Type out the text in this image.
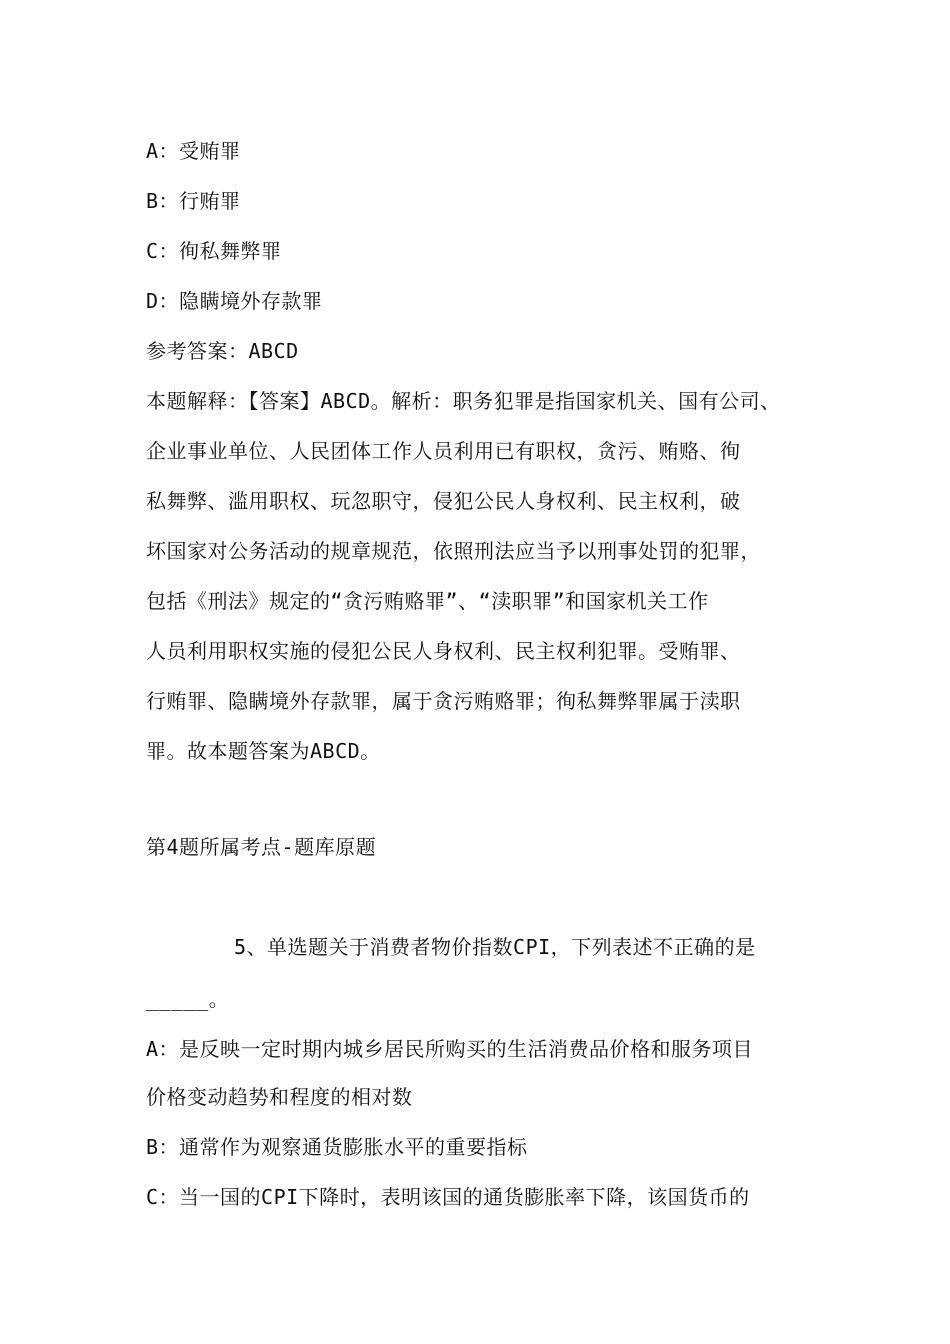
A：受贿罪
B：行贿罪
C：徇私舞弊罪
D：隐瞒境外存款罪
参考答案：ABCD
本题解释：【答案】ABCD。解析：职务犯罪是指国家机关、国有公司、
企业事业单位、人民团体工作人员利用已有职权，贪污、贿赂、徇
私舞弊、滥用职权、玩忽职守，侵犯公民人身权利、民主权利，破
坏国家对公务活动的规章规范，依照刑法应当予以刑事处罚的犯罪，
包括《刑法》规定的“贪污贿赂罪”、“渎职罪”和国家机关工作
人员利用职权实施的侵犯公民人身权利、民主权利犯罪。受贿罪、
行贿罪、隐瞒境外存款罪，属于贪污贿赂罪；徇私舞弊罪属于渎职
罪。故本题答案为ABCD。
第4题所属考点-题库原题
5、单选题关于消费者物价指数CPI，下列表述不正确的是
_____。
A：是反映一定时期内城乡居民所购买的生活消费品价格和服务项目
价格变动趋势和程度的相对数
B：通常作为观察通货膨胀水平的重要指标
C：当一国的CPI下降时，表明该国的通货膨胀率下降，该国货币的
